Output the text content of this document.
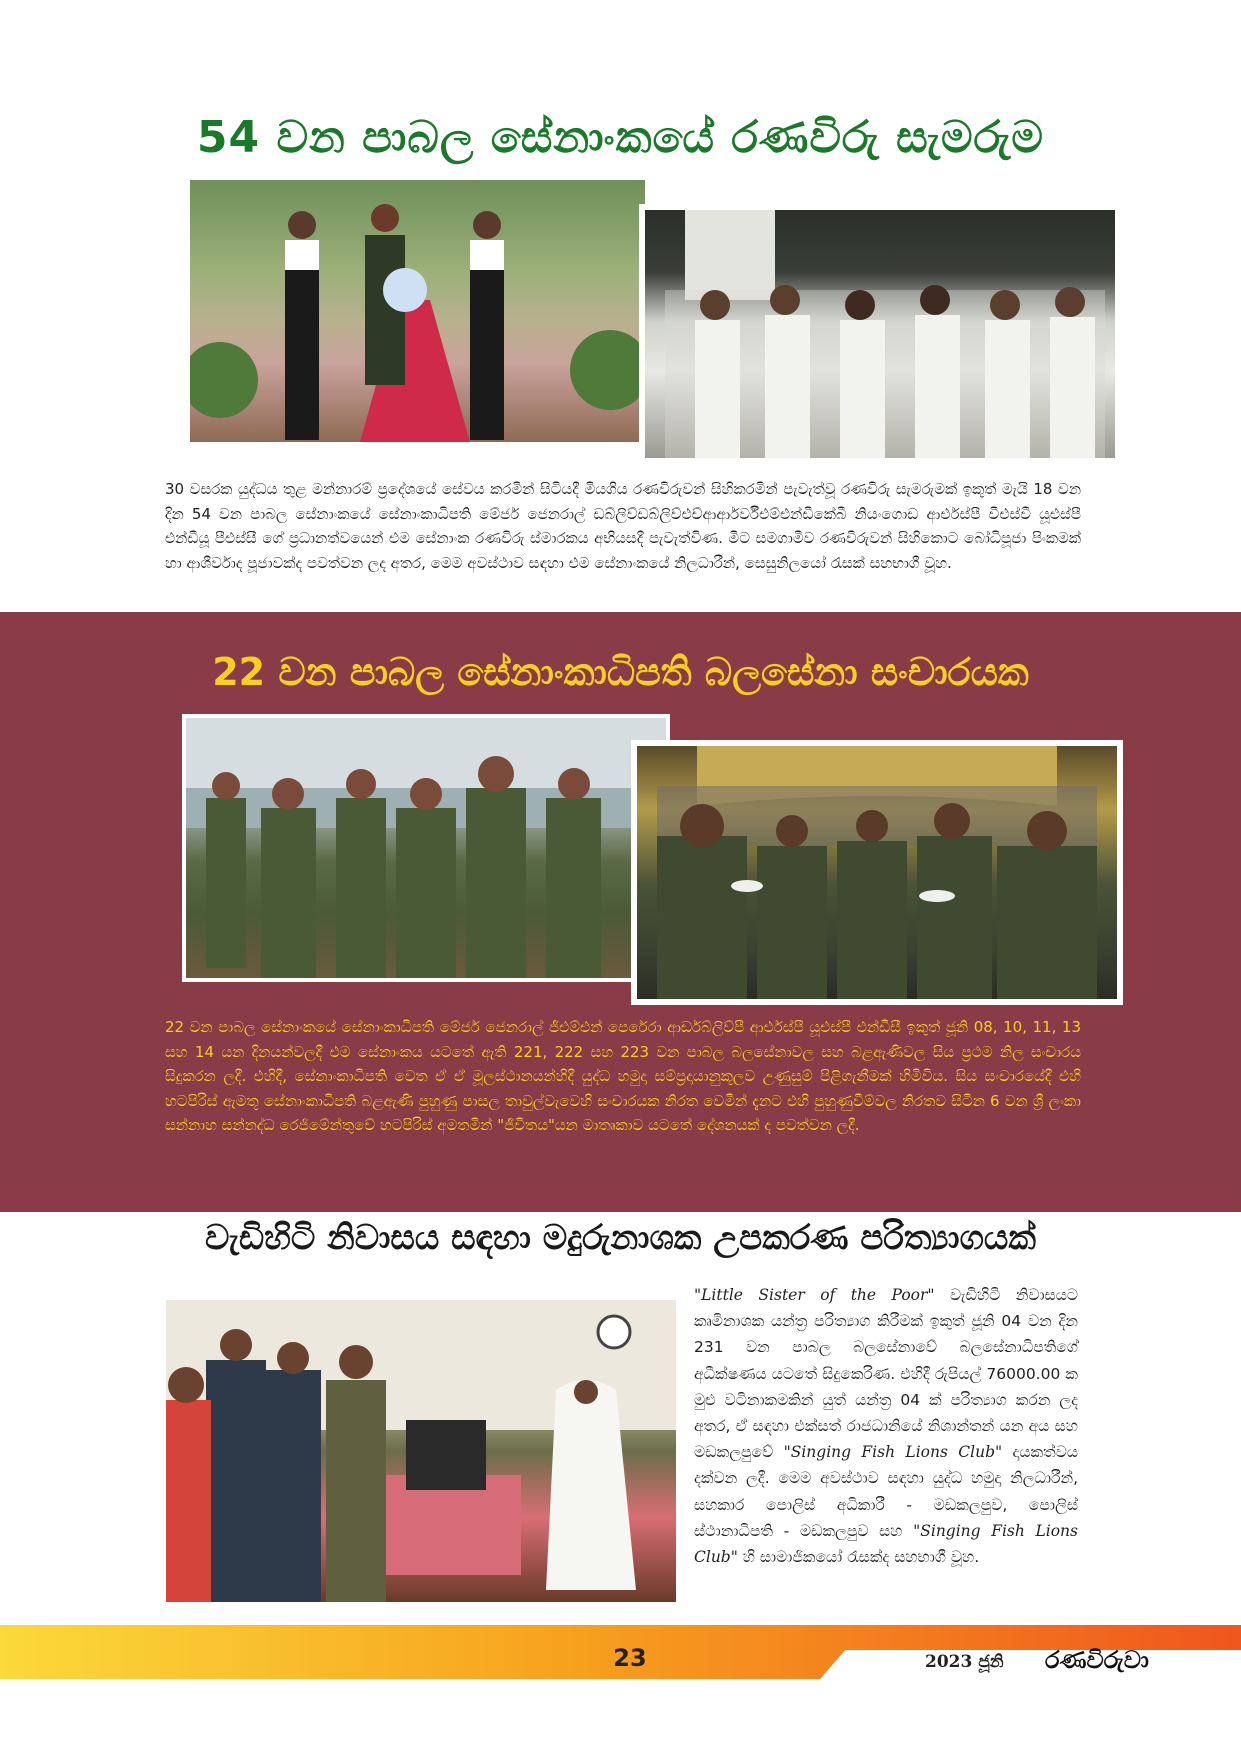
54 වන පාබල සේනාංකයේ රණවිරු සැමරුම
30 වසරක යුද්ධය තුළ මන්නාරම් ප්‍රදේශයේ සේවය කරමින් සිටියදී මියගිය රණවිරුවන් සිහිකරමින් පැවැත්වූ රණවිරු සැමරුමක් ඉකුත් මැයි 18 වන දින 54 වන පාබල සේනාංකයේ සේනාංකාධිපති මේජර් ජෙනරාල් ඩබ්ලිව්ඩබ්ලිව්එච්ආර්ආර්වීඑම්එන්ඩීකේබී නියංගොඩ ආර්එස්පී වීඑස්වී යූඑස්පී එන්ඩීයූ පීඑස්සී ගේ ප්‍රධානත්වයෙන් එම සේනාංක රණවිරු ස්මාරකය අභියසදී පැවැත්විණ. මීට සමගාමීව රණවිරුවන් සිහිකොට බෝධිපූජා පිංකමක් හා ආශීර්වාද පූජාවක්ද පවත්වන ලද අතර, මෙම අවස්ථාව සඳහා එම සේනාංකයේ නිලධාරීන්, සෙසුනිලයෝ රැසක් සහභාගී වූහ.
22 වන පාබල සේනාංකාධිපති බලසේනා සංචාරයක
22 වන පාබල සේනාංකයේ සේනාංකාධිපති මේජර් ජෙනරාල් ජීඑම්එන් පෙරේරා ආර්ඩබ්ලිව්පී ආර්එස්පී යූඑස්පී එන්ඩීසී ඉකුත් ජූනි 08, 10, 11, 13 සහ 14 යන දිනයන්වලදී එම සේනාංකය යටතේ ඇති 221, 222 සහ 223 වන පාබල බලසේනාවල සහ බළඇණිවල සිය ප්‍රථම නිල සංචාරය සිදුකරන ලදී. එහිදී, සේනාංකාධිපති වෙත ඒ ඒ මූලස්ථානයන්හිදී යුද්ධ හමුදා සම්ප්‍රදායානුකූලව උණුසුම් පිළිගැනීමක් හිමිවිය. සිය සංචාරයේදී එහි හටපිරිස් ඇමතූ සේනාංකාධිපති බළඇණි පුහුණු පාසල තාවුල්වැවෙහි සංචාරයක නිරත වෙමින් දැනට එහි පුහුණුවීම්වල නිරතව සිටින 6 වන ශ්‍රී ලංකා සන්නාහ සන්නද්ධ රෙජිමේන්තුවේ හටපිරිස් අමතමින් "ජීවිතය"යන මාතෘකාව යටතේ දේශනයක් ද පවත්වන ලදී.
වැඩිහිටි නිවාසය සඳහා මදුරුනාශක උපකරණ පරිත්‍යාගයක්
"Little Sister of the Poor" වැඩිහිටි නිවාසයට කෘමිනාශක යන්ත්‍ර පරිත්‍යාග කිරීමක් ඉකුත් ජූනි 04 වන දින 231 වන පාබල බලසේනාවේ බලසේනාධිපතිගේ අධීක්ෂණය යටතේ සිදුකෙරිණ. එහිදී රුපියල් 76000.00 ක මුළු වටිනාකමකින් යුත් යන්ත්‍ර 04 ක් පරිත්‍යාග කරන ලද අතර, ඒ සඳහා එක්සත් රාජධානියේ නිශාන්තන් යන අය සහ මඩකලපුවේ "Singing Fish Lions Club" දායකත්වය දක්වන ලදී. මෙම අවස්ථාව සඳහා යුද්ධ හමුදා නිලධාරීන්, සහකාර පොලිස් අධිකාරී - මඩකලපුව, පොලිස් ස්ථානාධිපති - මඩකලපුව සහ "Singing Fish Lions Club" හි සාමාජිකයෝ රැසක්ද සහභාගී වූහ.
23	2023 ජූනි රණවිරුවා
